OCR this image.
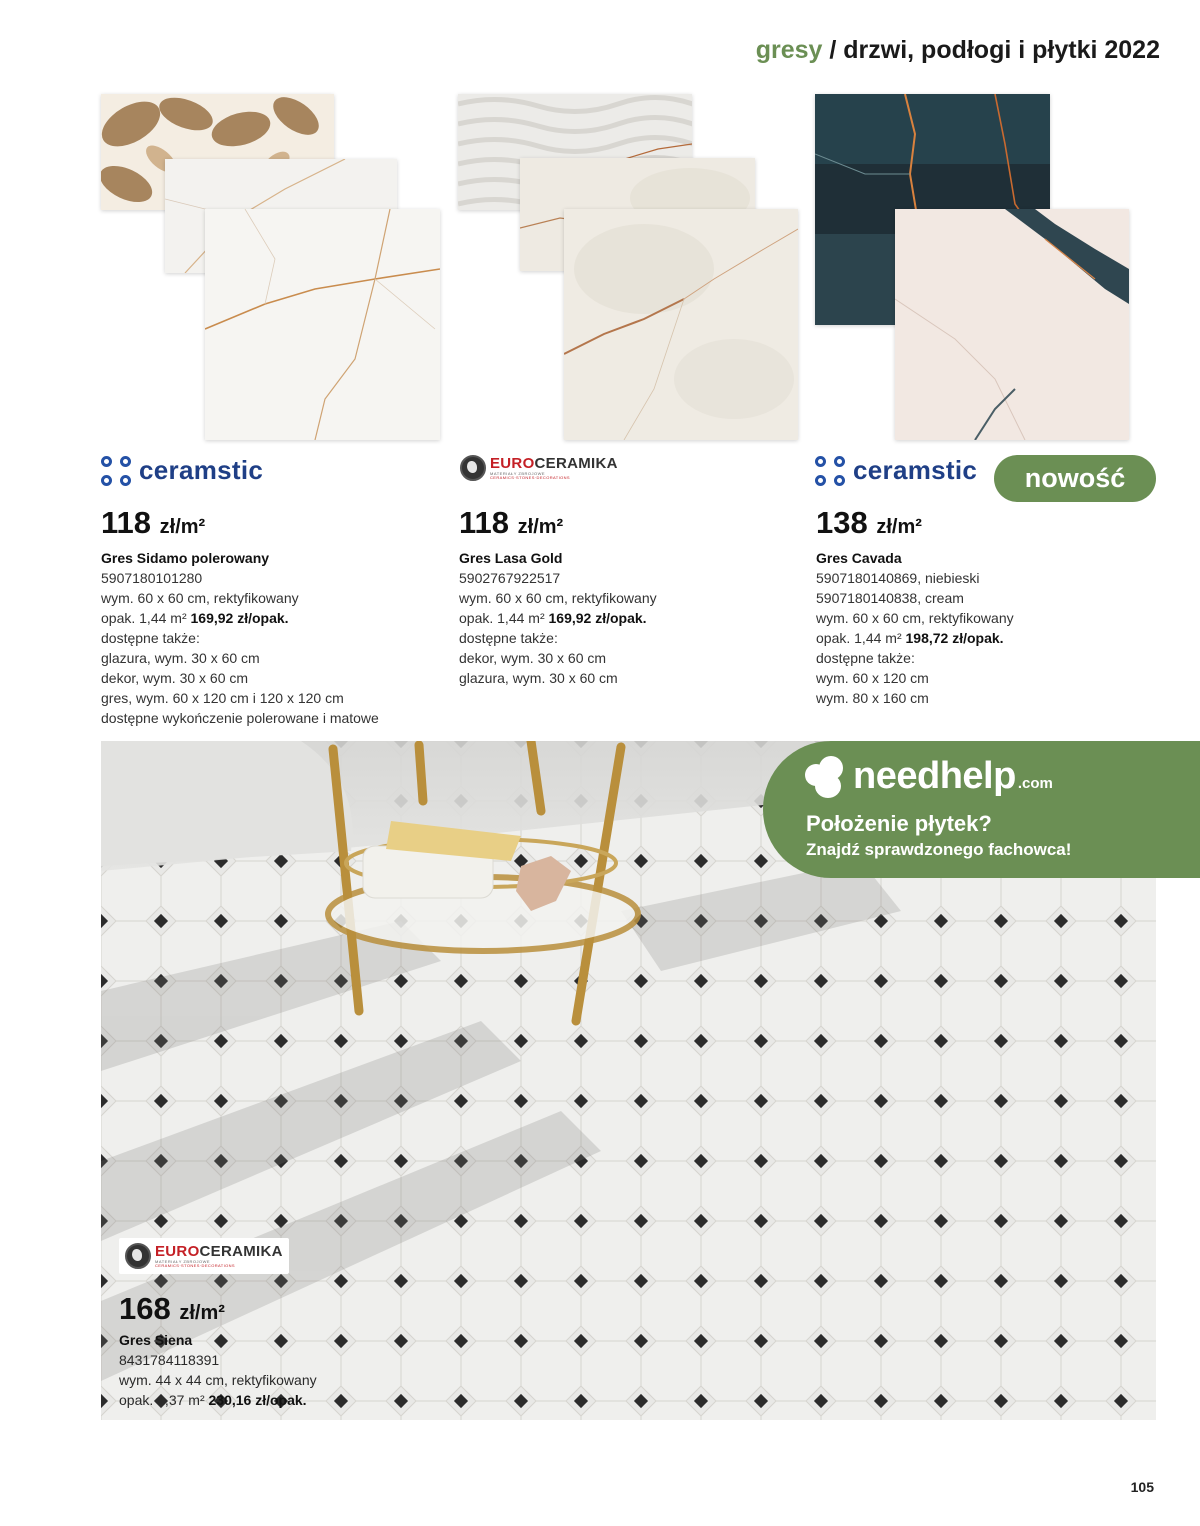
gresy / drzwi, podłogi i płytki 2022
ceramstic	EUROCERAMIKA
MATERIAŁY ZBROJOWE
CERAMICS·STONES·DECORATIONS	ceramstic	nowość
118 zł/m²
Gres Sidamo polerowany
5907180101280
wym. 60 x 60 cm, rektyfikowany
opak. 1,44 m² 169,92 zł/opak.
dostępne także:
glazura, wym. 30 x 60 cm
dekor, wym. 30 x 60 cm
gres, wym. 60 x 120 cm i 120 x 120 cm
dostępne wykończenie polerowane i matowe
118 zł/m²
Gres Lasa Gold
5902767922517
wym. 60 x 60 cm, rektyfikowany
opak. 1,44 m² 169,92 zł/opak.
dostępne także:
dekor, wym. 30 x 60 cm
glazura, wym. 30 x 60 cm
138 zł/m²
Gres Cavada
5907180140869, niebieski
5907180140838, cream
wym. 60 x 60 cm, rektyfikowany
opak. 1,44 m² 198,72 zł/opak.
dostępne także:
wym. 60 x 120 cm
wym. 80 x 160 cm
needhelp .com
Położenie płytek?
Znajdź sprawdzonego fachowca!
EUROCERAMIKA
MATERIAŁY ZBROJOWE
CERAMICS·STONES·DECORATIONS
168 zł/m²
Gres Siena
8431784118391
wym. 44 x 44 cm, rektyfikowany
opak. 1,37 m² 230,16 zł/opak.
105
